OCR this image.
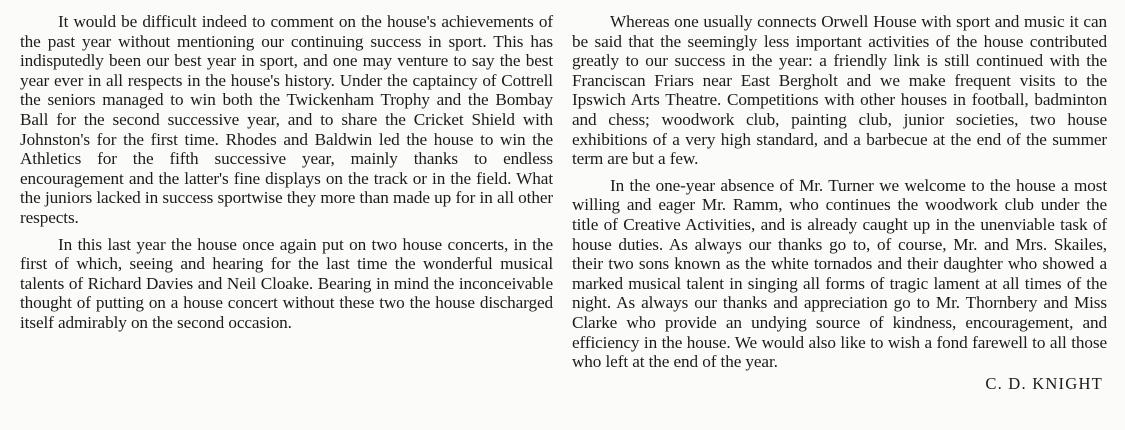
It would be difficult indeed to comment on the house's achievements of the past year without mentioning our continuing success in sport. This has indisputedly been our best year in sport, and one may venture to say the best year ever in all respects in the house's history. Under the captaincy of Cottrell the seniors managed to win both the Twickenham Trophy and the Bombay Ball for the second successive year, and to share the Cricket Shield with Johnston's for the first time. Rhodes and Baldwin led the house to win the Athletics for the fifth successive year, mainly thanks to endless encouragement and the latter's fine displays on the track or in the field. What the juniors lacked in success sportwise they more than made up for in all other respects.

In this last year the house once again put on two house concerts, in the first of which, seeing and hearing for the last time the wonderful musical talents of Richard Davies and Neil Cloake. Bearing in mind the inconceivable thought of putting on a house concert without these two the house discharged itself admirably on the second occasion.

Whereas one usually connects Orwell House with sport and music it can be said that the seemingly less important activities of the house contributed greatly to our success in the year: a friendly link is still continued with the Franciscan Friars near East Bergholt and we make frequent visits to the Ipswich Arts Theatre. Competitions with other houses in football, badminton and chess; woodwork club, painting club, junior societies, two house exhibitions of a very high standard, and a barbecue at the end of the summer term are but a few.

In the one-year absence of Mr. Turner we welcome to the house a most willing and eager Mr. Ramm, who continues the woodwork club under the title of Creative Activities, and is already caught up in the unenviable task of house duties. As always our thanks go to, of course, Mr. and Mrs. Skailes, their two sons known as the white tornados and their daughter who showed a marked musical talent in singing all forms of tragic lament at all times of the night. As always our thanks and appreciation go to Mr. Thornbery and Miss Clarke who provide an undying source of kindness, encouragement, and efficiency in the house. We would also like to wish a fond farewell to all those who left at the end of the year.

C. D. KNIGHT
